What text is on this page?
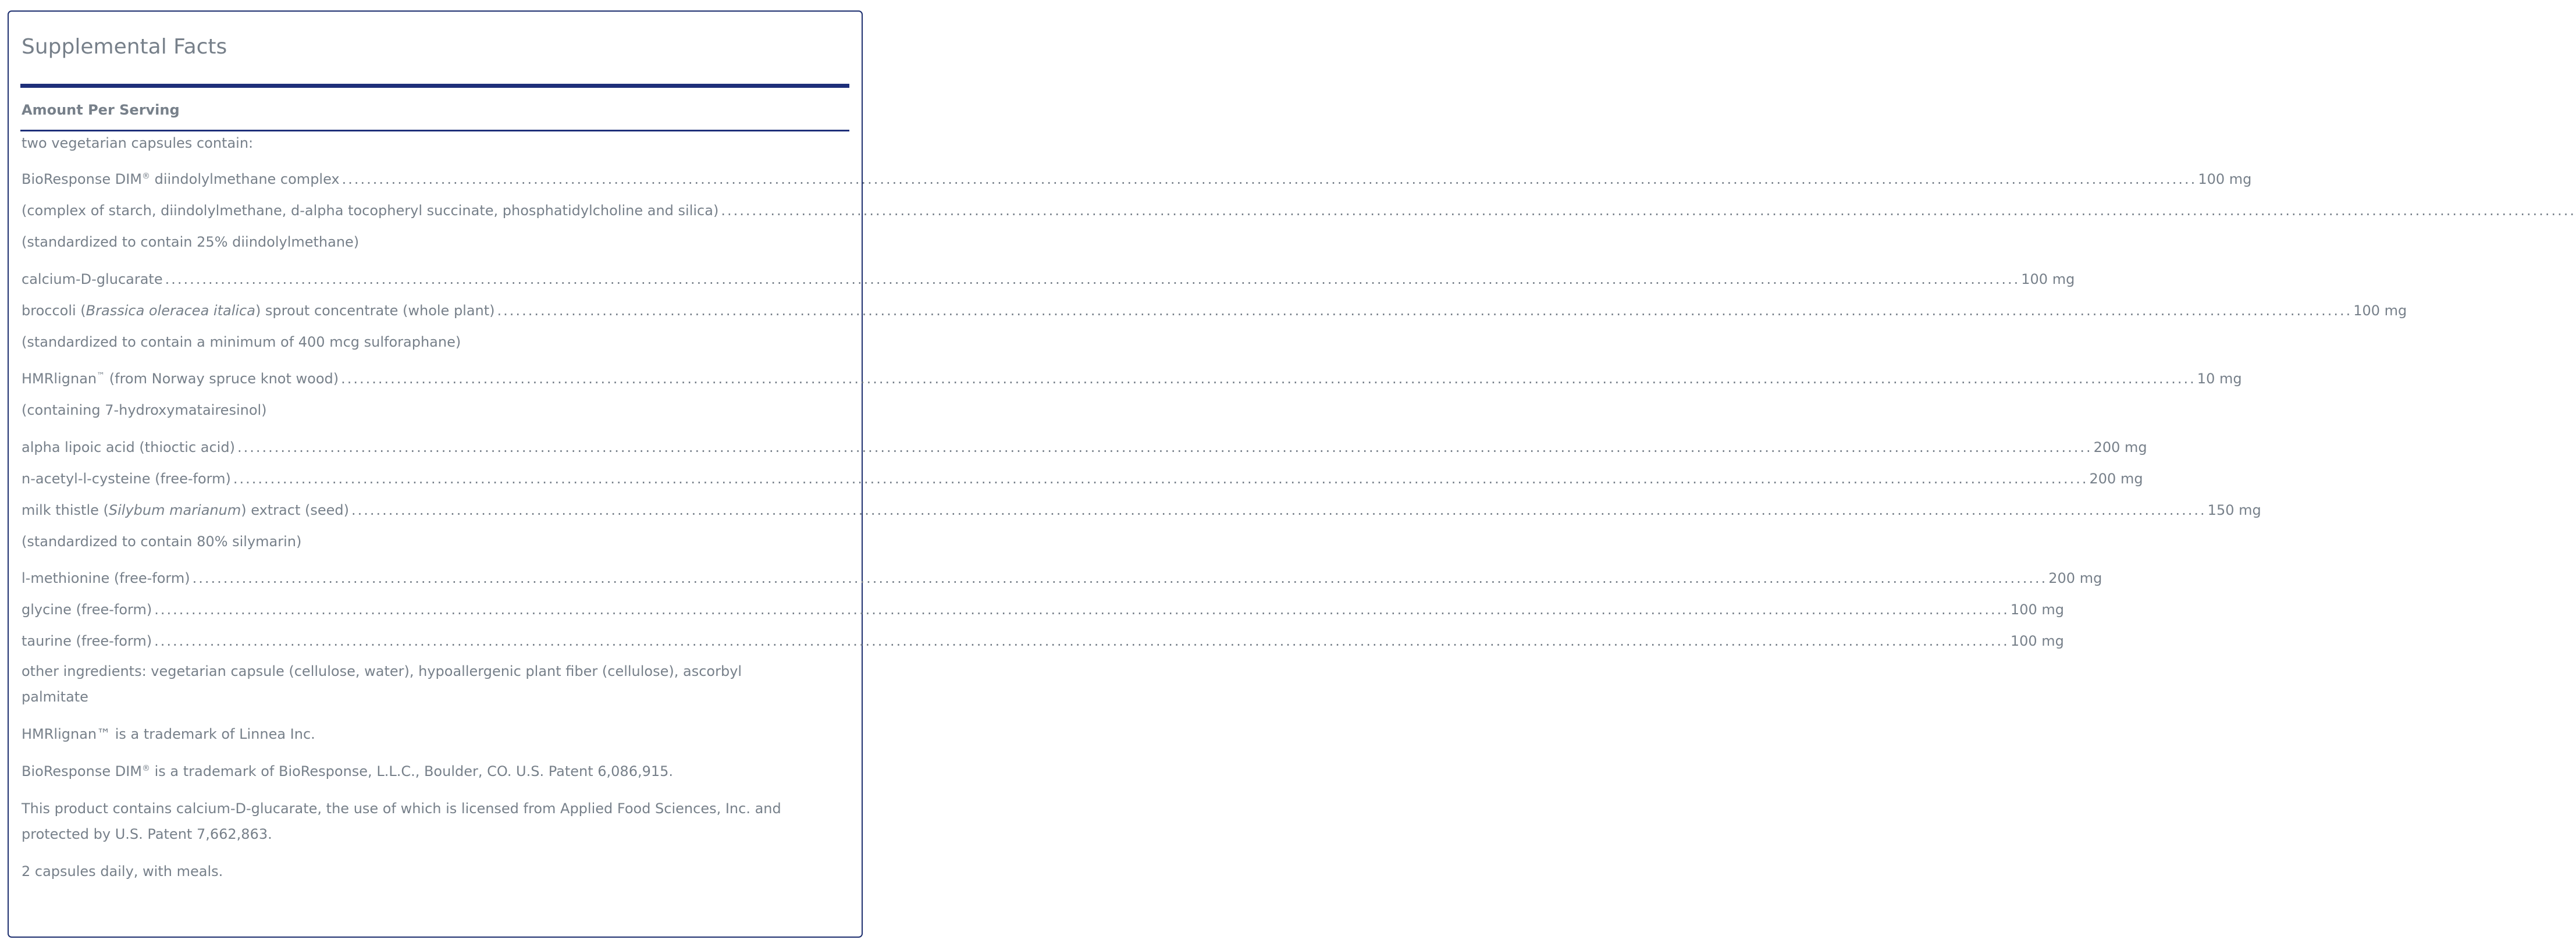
Supplemental Facts
Amount Per Serving
two vegetarian capsules contain:
BioResponse DIM® diindolylmethane complex ............................................................................................................................................................................................................................................................................................................ 100 mg
(complex of starch, diindolylmethane, d-alpha tocopheryl succinate, phosphatidylcholine and silica) ............................................................................................................................................................................................................................................................................................................
(standardized to contain 25% diindolylmethane)
calcium-D-glucarate ............................................................................................................................................................................................................................................................................................................ 100 mg
broccoli (Brassica oleracea italica) sprout concentrate (whole plant) ............................................................................................................................................................................................................................................................................................................ 100 mg
(standardized to contain a minimum of 400 mcg sulforaphane)
HMRlignan™ (from Norway spruce knot wood) ............................................................................................................................................................................................................................................................................................................ 10 mg
(containing 7-hydroxymatairesinol)
alpha lipoic acid (thioctic acid) ............................................................................................................................................................................................................................................................................................................ 200 mg
n-acetyl-l-cysteine (free-form) ............................................................................................................................................................................................................................................................................................................ 200 mg
milk thistle (Silybum marianum) extract (seed) ............................................................................................................................................................................................................................................................................................................ 150 mg
(standardized to contain 80% silymarin)
l-methionine (free-form) ............................................................................................................................................................................................................................................................................................................ 200 mg
glycine (free-form) ............................................................................................................................................................................................................................................................................................................ 100 mg
taurine (free-form) ............................................................................................................................................................................................................................................................................................................ 100 mg
other ingredients: vegetarian capsule (cellulose, water), hypoallergenic plant fiber (cellulose), ascorbyl palmitate
HMRlignan™ is a trademark of Linnea Inc.
BioResponse DIM® is a trademark of BioResponse, L.L.C., Boulder, CO. U.S. Patent 6,086,915.
This product contains calcium-D-glucarate, the use of which is licensed from Applied Food Sciences, Inc. and protected by U.S. Patent 7,662,863.
2 capsules daily, with meals.
